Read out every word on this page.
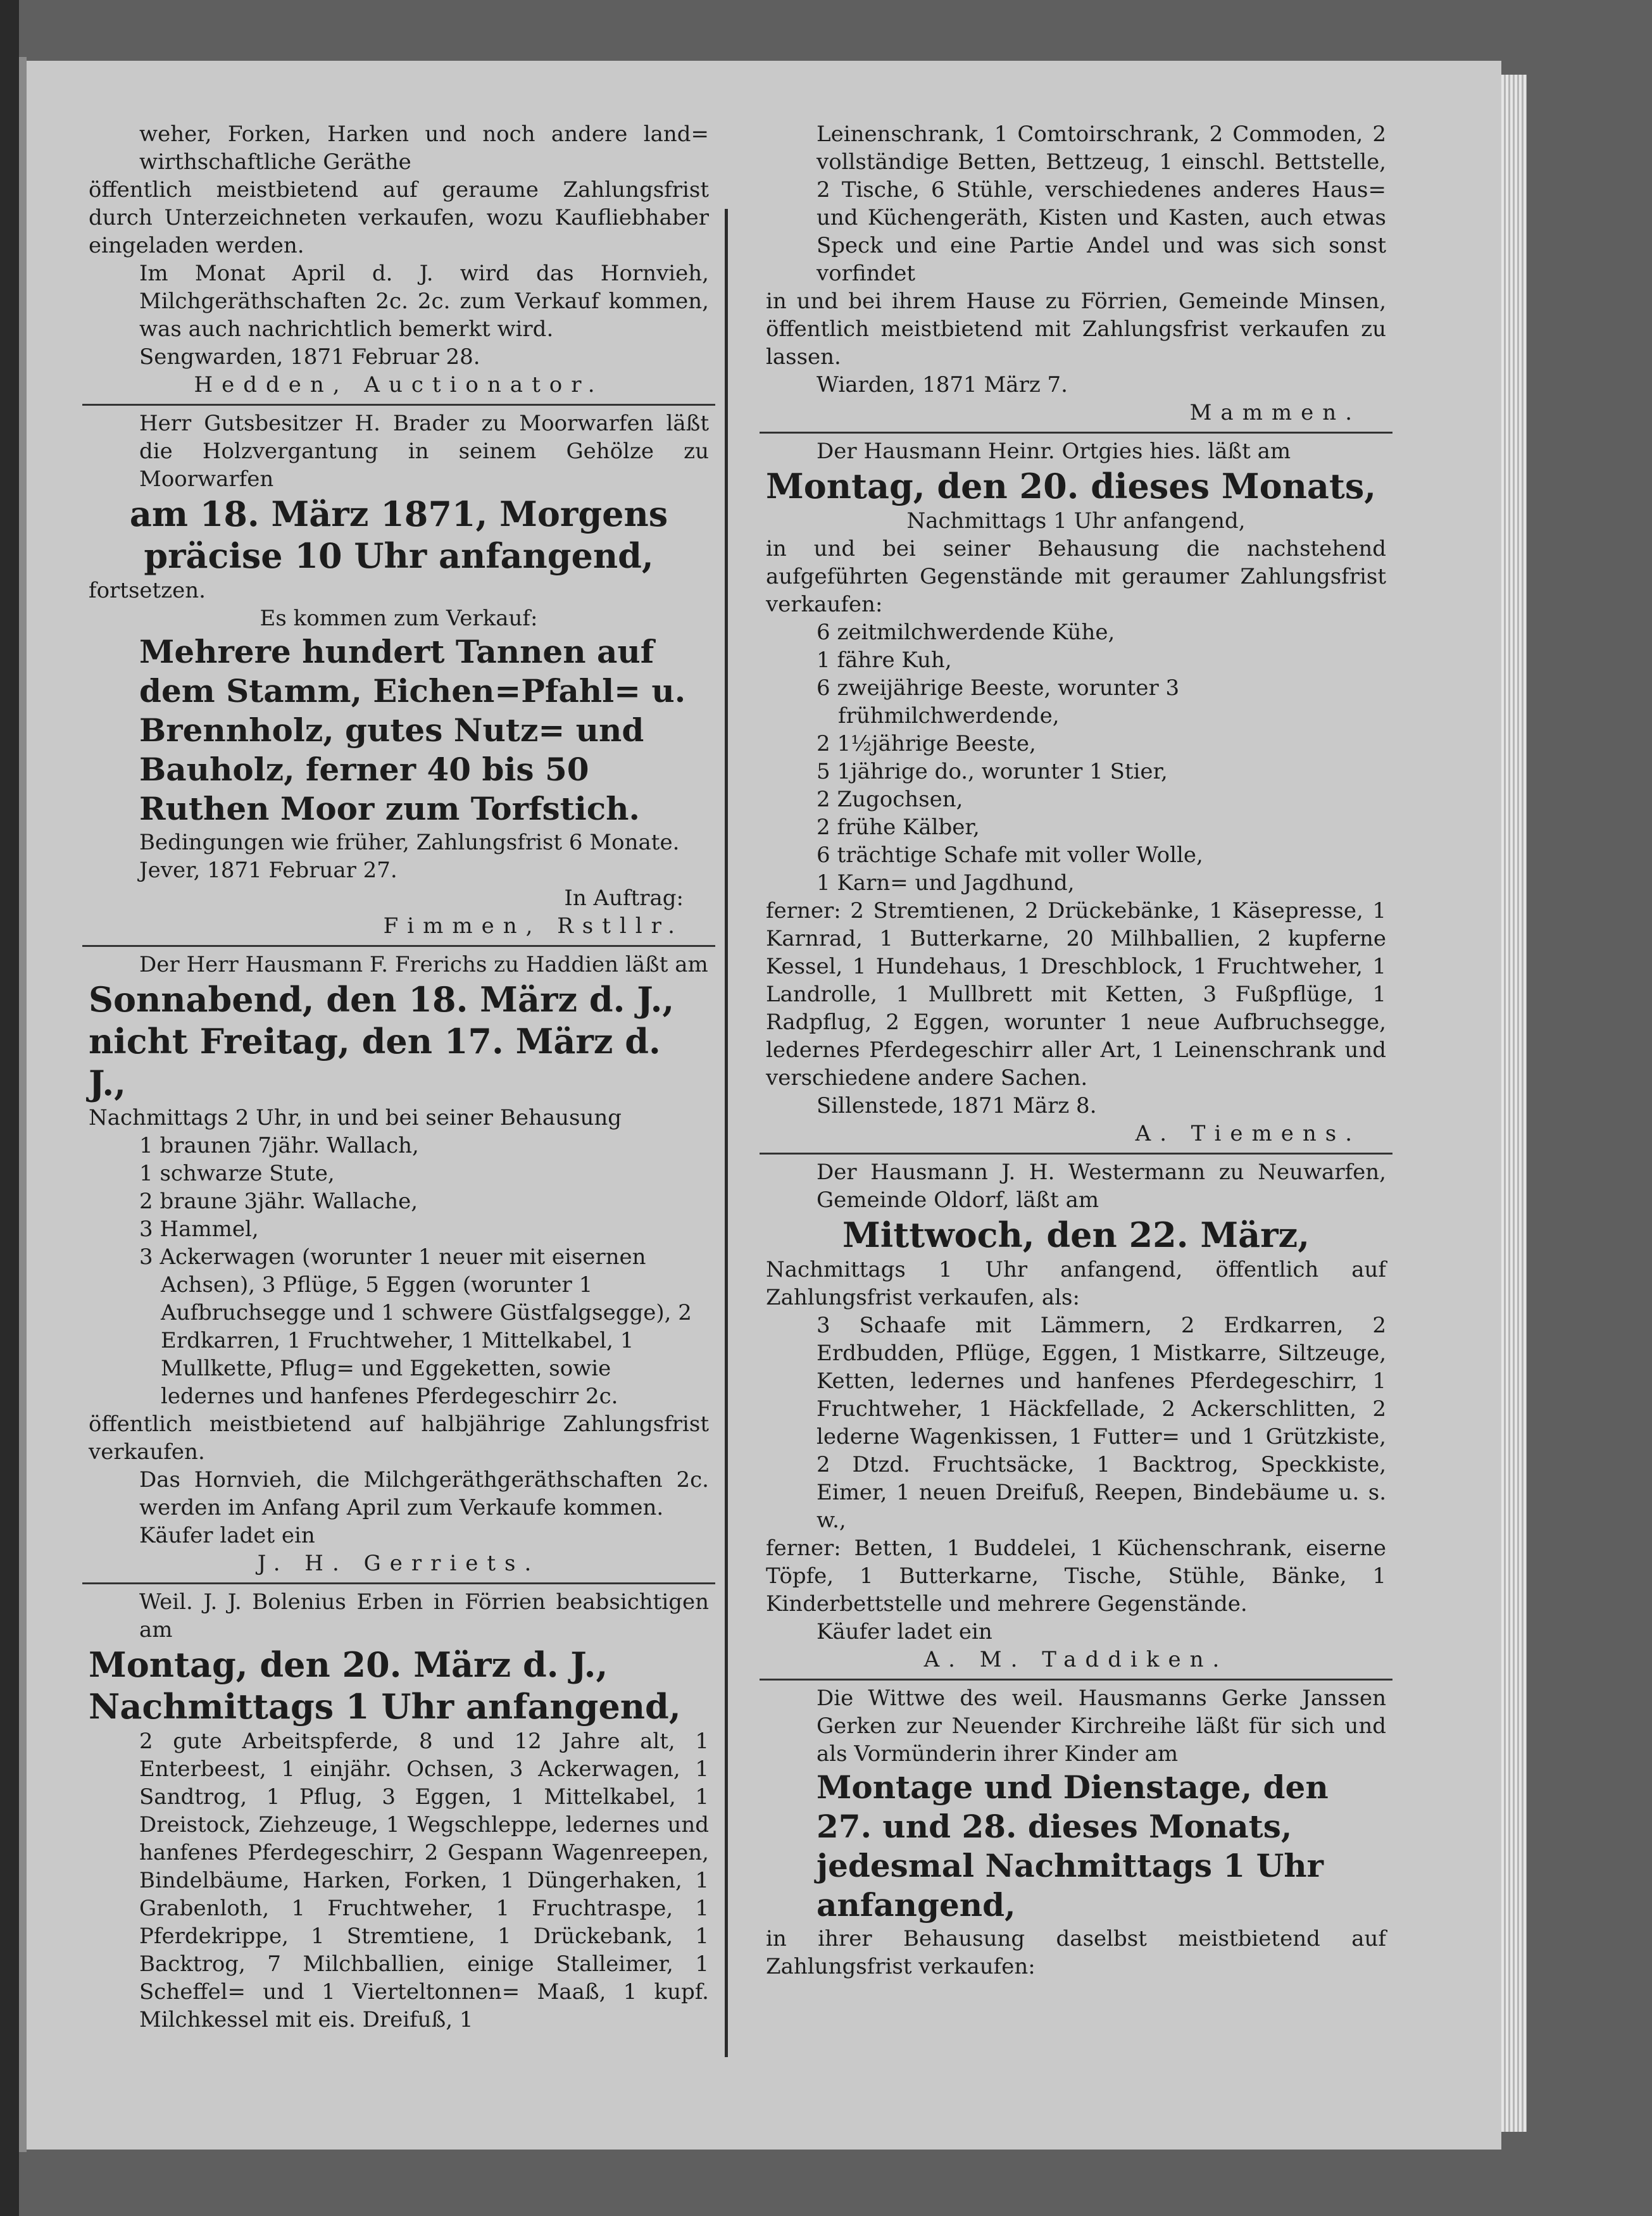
weher, Forken, Harken und noch andere land= wirthschaftliche Geräthe

öffentlich meistbietend auf geraume Zahlungsfrist durch Unterzeichneten verkaufen, wozu Kaufliebhaber eingeladen werden.

Im Monat April d. J. wird das Hornvieh, Milchgeräthschaften 2c. 2c. zum Verkauf kommen, was auch nachrichtlich bemerkt wird.

Sengwarden, 1871 Februar 28.

Hedden, Auctionator.

Herr Gutsbesitzer H. Brader zu Moorwarfen läßt die Holzvergantung in seinem Gehölze zu Moorwarfen

am 18. März 1871, Morgens präcise 10 Uhr anfangend,

fortsetzen.

Es kommen zum Verkauf:

Mehrere hundert Tannen auf dem Stamm, Eichen=Pfahl= u. Brennholz, gutes Nutz= und Bauholz, ferner 40 bis 50 Ruthen Moor zum Torfstich.

Bedingungen wie früher, Zahlungsfrist 6 Monate.

Jever, 1871 Februar 27.

In Auftrag:

Fimmen, Rstllr.

Der Herr Hausmann F. Frerichs zu Haddien läßt am

Sonnabend, den 18. März d. J.,

nicht Freitag, den 17. März d. J.,

Nachmittags 2 Uhr, in und bei seiner Behausung

1 braunen 7jähr. Wallach,
1 schwarze Stute,
2 braune 3jähr. Wallache,
3 Hammel,
3 Ackerwagen (worunter 1 neuer mit eisernen Achsen), 3 Pflüge, 5 Eggen (worunter 1 Aufbruchsegge und 1 schwere Güstfalgsegge), 2 Erdkarren, 1 Fruchtweher, 1 Mittelkabel, 1 Mullkette, Pflug= und Eggeketten, sowie ledernes und hanfenes Pferdegeschirr 2c.

öffentlich meistbietend auf halbjährige Zahlungsfrist verkaufen.

Das Hornvieh, die Milchgeräthgeräthschaften 2c. werden im Anfang April zum Verkaufe kommen.

Käufer ladet ein

J. H. Gerriets.

Weil. J. J. Bolenius Erben in Förrien beabsichtigen am

Montag, den 20. März d. J.,

Nachmittags 1 Uhr anfangend,

2 gute Arbeitspferde, 8 und 12 Jahre alt, 1 Enterbeest, 1 einjähr. Ochsen, 3 Ackerwagen, 1 Sandtrog, 1 Pflug, 3 Eggen, 1 Mittelkabel, 1 Dreistock, Ziehzeuge, 1 Wegschleppe, ledernes und hanfenes Pferdegeschirr, 2 Gespann Wagenreepen, Bindelbäume, Harken, Forken, 1 Düngerhaken, 1 Grabenloth, 1 Fruchtweher, 1 Fruchtraspe, 1 Pferdekrippe, 1 Stremtiene, 1 Drückebank, 1 Backtrog, 7 Milchballien, einige Stalleimer, 1 Scheffel= und 1 Vierteltonnen= Maaß, 1 kupf. Milchkessel mit eis. Dreifuß, 1

Leinenschrank, 1 Comtoirschrank, 2 Commoden, 2 vollständige Betten, Bettzeug, 1 einschl. Bettstelle, 2 Tische, 6 Stühle, verschiedenes anderes Haus= und Küchengeräth, Kisten und Kasten, auch etwas Speck und eine Partie Andel und was sich sonst vorfindet

in und bei ihrem Hause zu Förrien, Gemeinde Minsen, öffentlich meistbietend mit Zahlungsfrist verkaufen zu lassen.

Wiarden, 1871 März 7.

Mammen.

Der Hausmann Heinr. Ortgies hies. läßt am

Montag, den 20. dieses Monats,

Nachmittags 1 Uhr anfangend,

in und bei seiner Behausung die nachstehend aufgeführten Gegenstände mit geraumer Zahlungsfrist verkaufen:

6 zeitmilchwerdende Kühe,
1 fähre Kuh,
6 zweijährige Beeste, worunter 3 frühmilchwerdende,
2 1½jährige Beeste,
5 1jährige do., worunter 1 Stier,
2 Zugochsen,
2 frühe Kälber,
6 trächtige Schafe mit voller Wolle,
1 Karn= und Jagdhund,

ferner: 2 Stremtienen, 2 Drückebänke, 1 Käsepresse, 1 Karnrad, 1 Butterkarne, 20 Milhballien, 2 kupferne Kessel, 1 Hundehaus, 1 Dreschblock, 1 Fruchtweher, 1 Landrolle, 1 Mullbrett mit Ketten, 3 Fußpflüge, 1 Radpflug, 2 Eggen, worunter 1 neue Aufbruchsegge, ledernes Pferdegeschirr aller Art, 1 Leinenschrank und verschiedene andere Sachen.

Sillenstede, 1871 März 8.

A. Tiemens.

Der Hausmann J. H. Westermann zu Neuwarfen, Gemeinde Oldorf, läßt am

Mittwoch, den 22. März,

Nachmittags 1 Uhr anfangend, öffentlich auf Zahlungsfrist verkaufen, als:

3 Schaafe mit Lämmern, 2 Erdkarren, 2 Erdbudden, Pflüge, Eggen, 1 Mistkarre, Siltzeuge, Ketten, ledernes und hanfenes Pferdegeschirr, 1 Fruchtweher, 1 Häckfellade, 2 Ackerschlitten, 2 lederne Wagenkissen, 1 Futter= und 1 Grützkiste, 2 Dtzd. Fruchtsäcke, 1 Backtrog, Speckkiste, Eimer, 1 neuen Dreifuß, Reepen, Bindebäume u. s. w.,

ferner: Betten, 1 Buddelei, 1 Küchenschrank, eiserne Töpfe, 1 Butterkarne, Tische, Stühle, Bänke, 1 Kinderbettstelle und mehrere Gegenstände.

Käufer ladet ein

A. M. Taddiken.

Die Wittwe des weil. Hausmanns Gerke Janssen Gerken zur Neuender Kirchreihe läßt für sich und als Vormünderin ihrer Kinder am

Montage und Dienstage, den 27. und 28. dieses Monats, jedesmal Nachmittags 1 Uhr anfangend,

in ihrer Behausung daselbst meistbietend auf Zahlungsfrist verkaufen:
